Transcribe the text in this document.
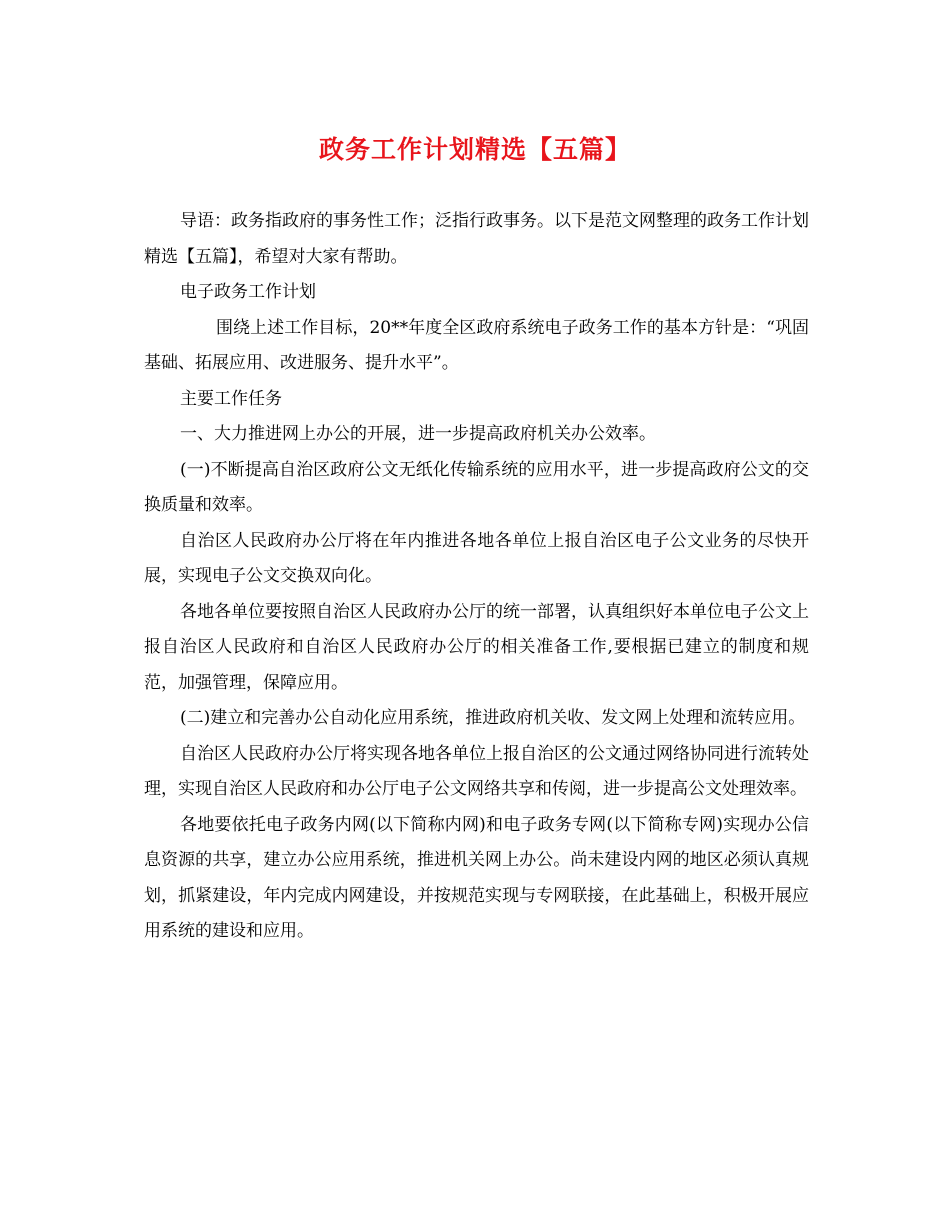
政务工作计划精选【五篇】

导语：政务指政府的事务性工作；泛指行政事务。以下是范文网整理的政务工作计划精选【五篇】，希望对大家有帮助。

电子政务工作计划

围绕上述工作目标，20**年度全区政府系统电子政务工作的基本方针是：“巩固基础、拓展应用、改进服务、提升水平”。

主要工作任务

一、大力推进网上办公的开展，进一步提高政府机关办公效率。

(一)不断提高自治区政府公文无纸化传输系统的应用水平，进一步提高政府公文的交换质量和效率。

自治区人民政府办公厅将在年内推进各地各单位上报自治区电子公文业务的尽快开展，实现电子公文交换双向化。

各地各单位要按照自治区人民政府办公厅的统一部署，认真组织好本单位电子公文上报自治区人民政府和自治区人民政府办公厅的相关准备工作,要根据已建立的制度和规范，加强管理，保障应用。

(二)建立和完善办公自动化应用系统，推进政府机关收、发文网上处理和流转应用。

自治区人民政府办公厅将实现各地各单位上报自治区的公文通过网络协同进行流转处理，实现自治区人民政府和办公厅电子公文网络共享和传阅，进一步提高公文处理效率。

各地要依托电子政务内网(以下简称内网)和电子政务专网(以下简称专网)实现办公信息资源的共享，建立办公应用系统，推进机关网上办公。尚未建设内网的地区必须认真规划，抓紧建设，年内完成内网建设，并按规范实现与专网联接，在此基础上，积极开展应用系统的建设和应用。
